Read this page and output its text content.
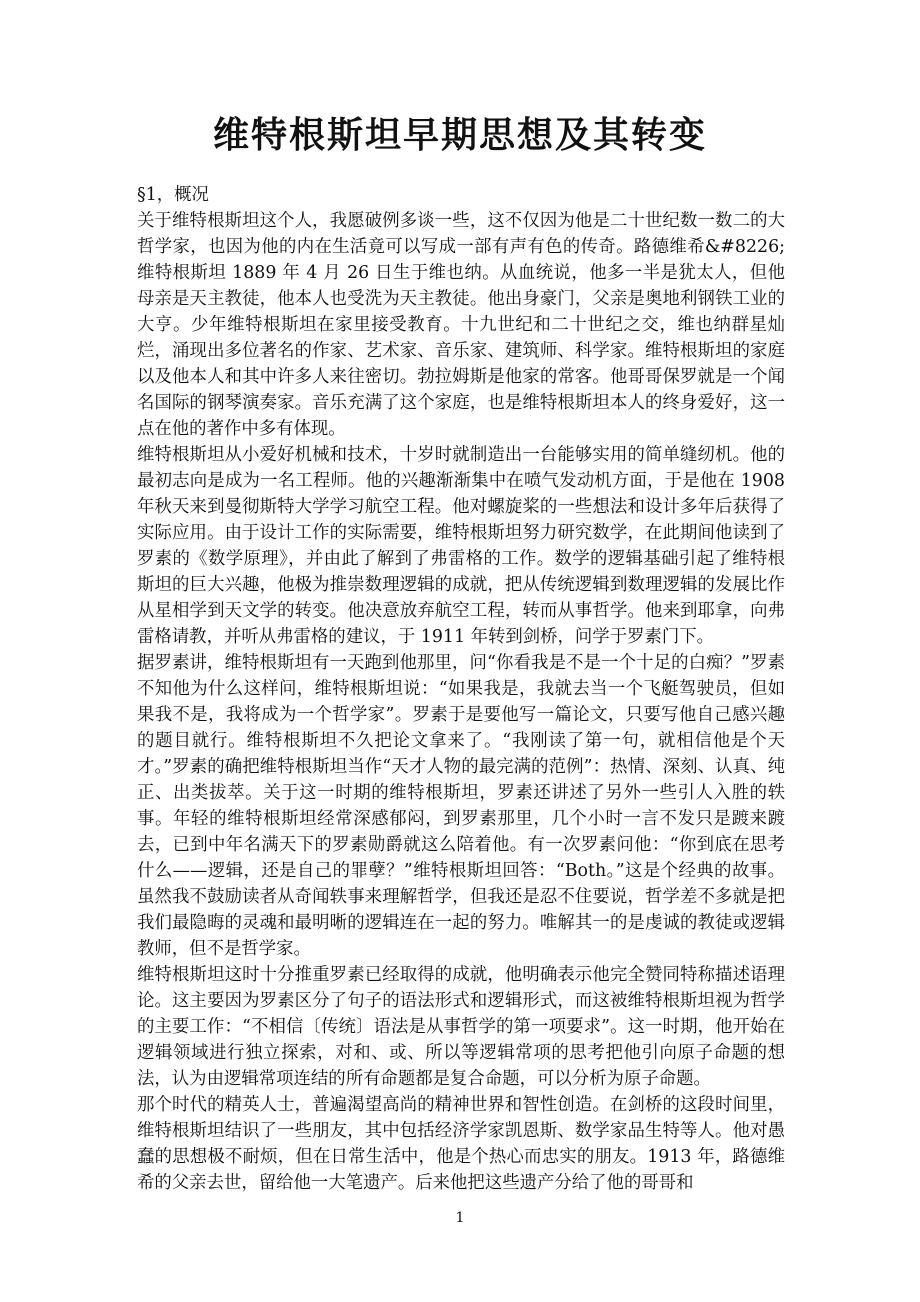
维特根斯坦早期思想及其转变

§1，概况

关于维特根斯坦这个人，我愿破例多谈一些，这不仅因为他是二十世纪数一数二的大哲学家，也因为他的内在生活竟可以写成一部有声有色的传奇。路德维希&#8226;维特根斯坦 1889 年 4 月 26 日生于维也纳。从血统说，他多一半是犹太人，但他母亲是天主教徒，他本人也受洗为天主教徒。他出身豪门，父亲是奥地利钢铁工业的大亨。少年维特根斯坦在家里接受教育。十九世纪和二十世纪之交，维也纳群星灿烂，涌现出多位著名的作家、艺术家、音乐家、建筑师、科学家。维特根斯坦的家庭以及他本人和其中许多人来往密切。勃拉姆斯是他家的常客。他哥哥保罗就是一个闻名国际的钢琴演奏家。音乐充满了这个家庭，也是维特根斯坦本人的终身爱好，这一点在他的著作中多有体现。

维特根斯坦从小爱好机械和技术，十岁时就制造出一台能够实用的简单缝纫机。他的最初志向是成为一名工程师。他的兴趣渐渐集中在喷气发动机方面，于是他在 1908 年秋天来到曼彻斯特大学学习航空工程。他对螺旋桨的一些想法和设计多年后获得了实际应用。由于设计工作的实际需要，维特根斯坦努力研究数学，在此期间他读到了罗素的《数学原理》，并由此了解到了弗雷格的工作。数学的逻辑基础引起了维特根斯坦的巨大兴趣，他极为推崇数理逻辑的成就，把从传统逻辑到数理逻辑的发展比作从星相学到天文学的转变。他决意放弃航空工程，转而从事哲学。他来到耶拿，向弗雷格请教，并听从弗雷格的建议，于 1911 年转到剑桥，问学于罗素门下。

据罗素讲，维特根斯坦有一天跑到他那里，问“你看我是不是一个十足的白痴？”罗素不知他为什么这样问，维特根斯坦说：“如果我是，我就去当一个飞艇驾驶员，但如果我不是，我将成为一个哲学家”。罗素于是要他写一篇论文，只要写他自己感兴趣的题目就行。维特根斯坦不久把论文拿来了。“我刚读了第一句，就相信他是个天才。”罗素的确把维特根斯坦当作“天才人物的最完满的范例”：热情、深刻、认真、纯正、出类拔萃。关于这一时期的维特根斯坦，罗素还讲述了另外一些引人入胜的轶事。年轻的维特根斯坦经常深感郁闷，到罗素那里，几个小时一言不发只是踱来踱去，已到中年名满天下的罗素勋爵就这么陪着他。有一次罗素问他：“你到底在思考什么——逻辑，还是自己的罪孽？”维特根斯坦回答：“Both。”这是个经典的故事。虽然我不鼓励读者从奇闻轶事来理解哲学，但我还是忍不住要说，哲学差不多就是把我们最隐晦的灵魂和最明晰的逻辑连在一起的努力。唯解其一的是虔诚的教徒或逻辑教师，但不是哲学家。

维特根斯坦这时十分推重罗素已经取得的成就，他明确表示他完全赞同特称描述语理论。这主要因为罗素区分了句子的语法形式和逻辑形式，而这被维特根斯坦视为哲学的主要工作：“不相信〔传统〕语法是从事哲学的第一项要求”。这一时期，他开始在逻辑领域进行独立探索，对和、或、所以等逻辑常项的思考把他引向原子命题的想法，认为由逻辑常项连结的所有命题都是复合命题，可以分析为原子命题。

那个时代的精英人士，普遍渴望高尚的精神世界和智性创造。在剑桥的这段时间里，维特根斯坦结识了一些朋友，其中包括经济学家凯恩斯、数学家品生特等人。他对愚蠢的思想极不耐烦，但在日常生活中，他是个热心而忠实的朋友。1913 年，路德维希的父亲去世，留给他一大笔遗产。后来他把这些遗产分给了他的哥哥和

1
